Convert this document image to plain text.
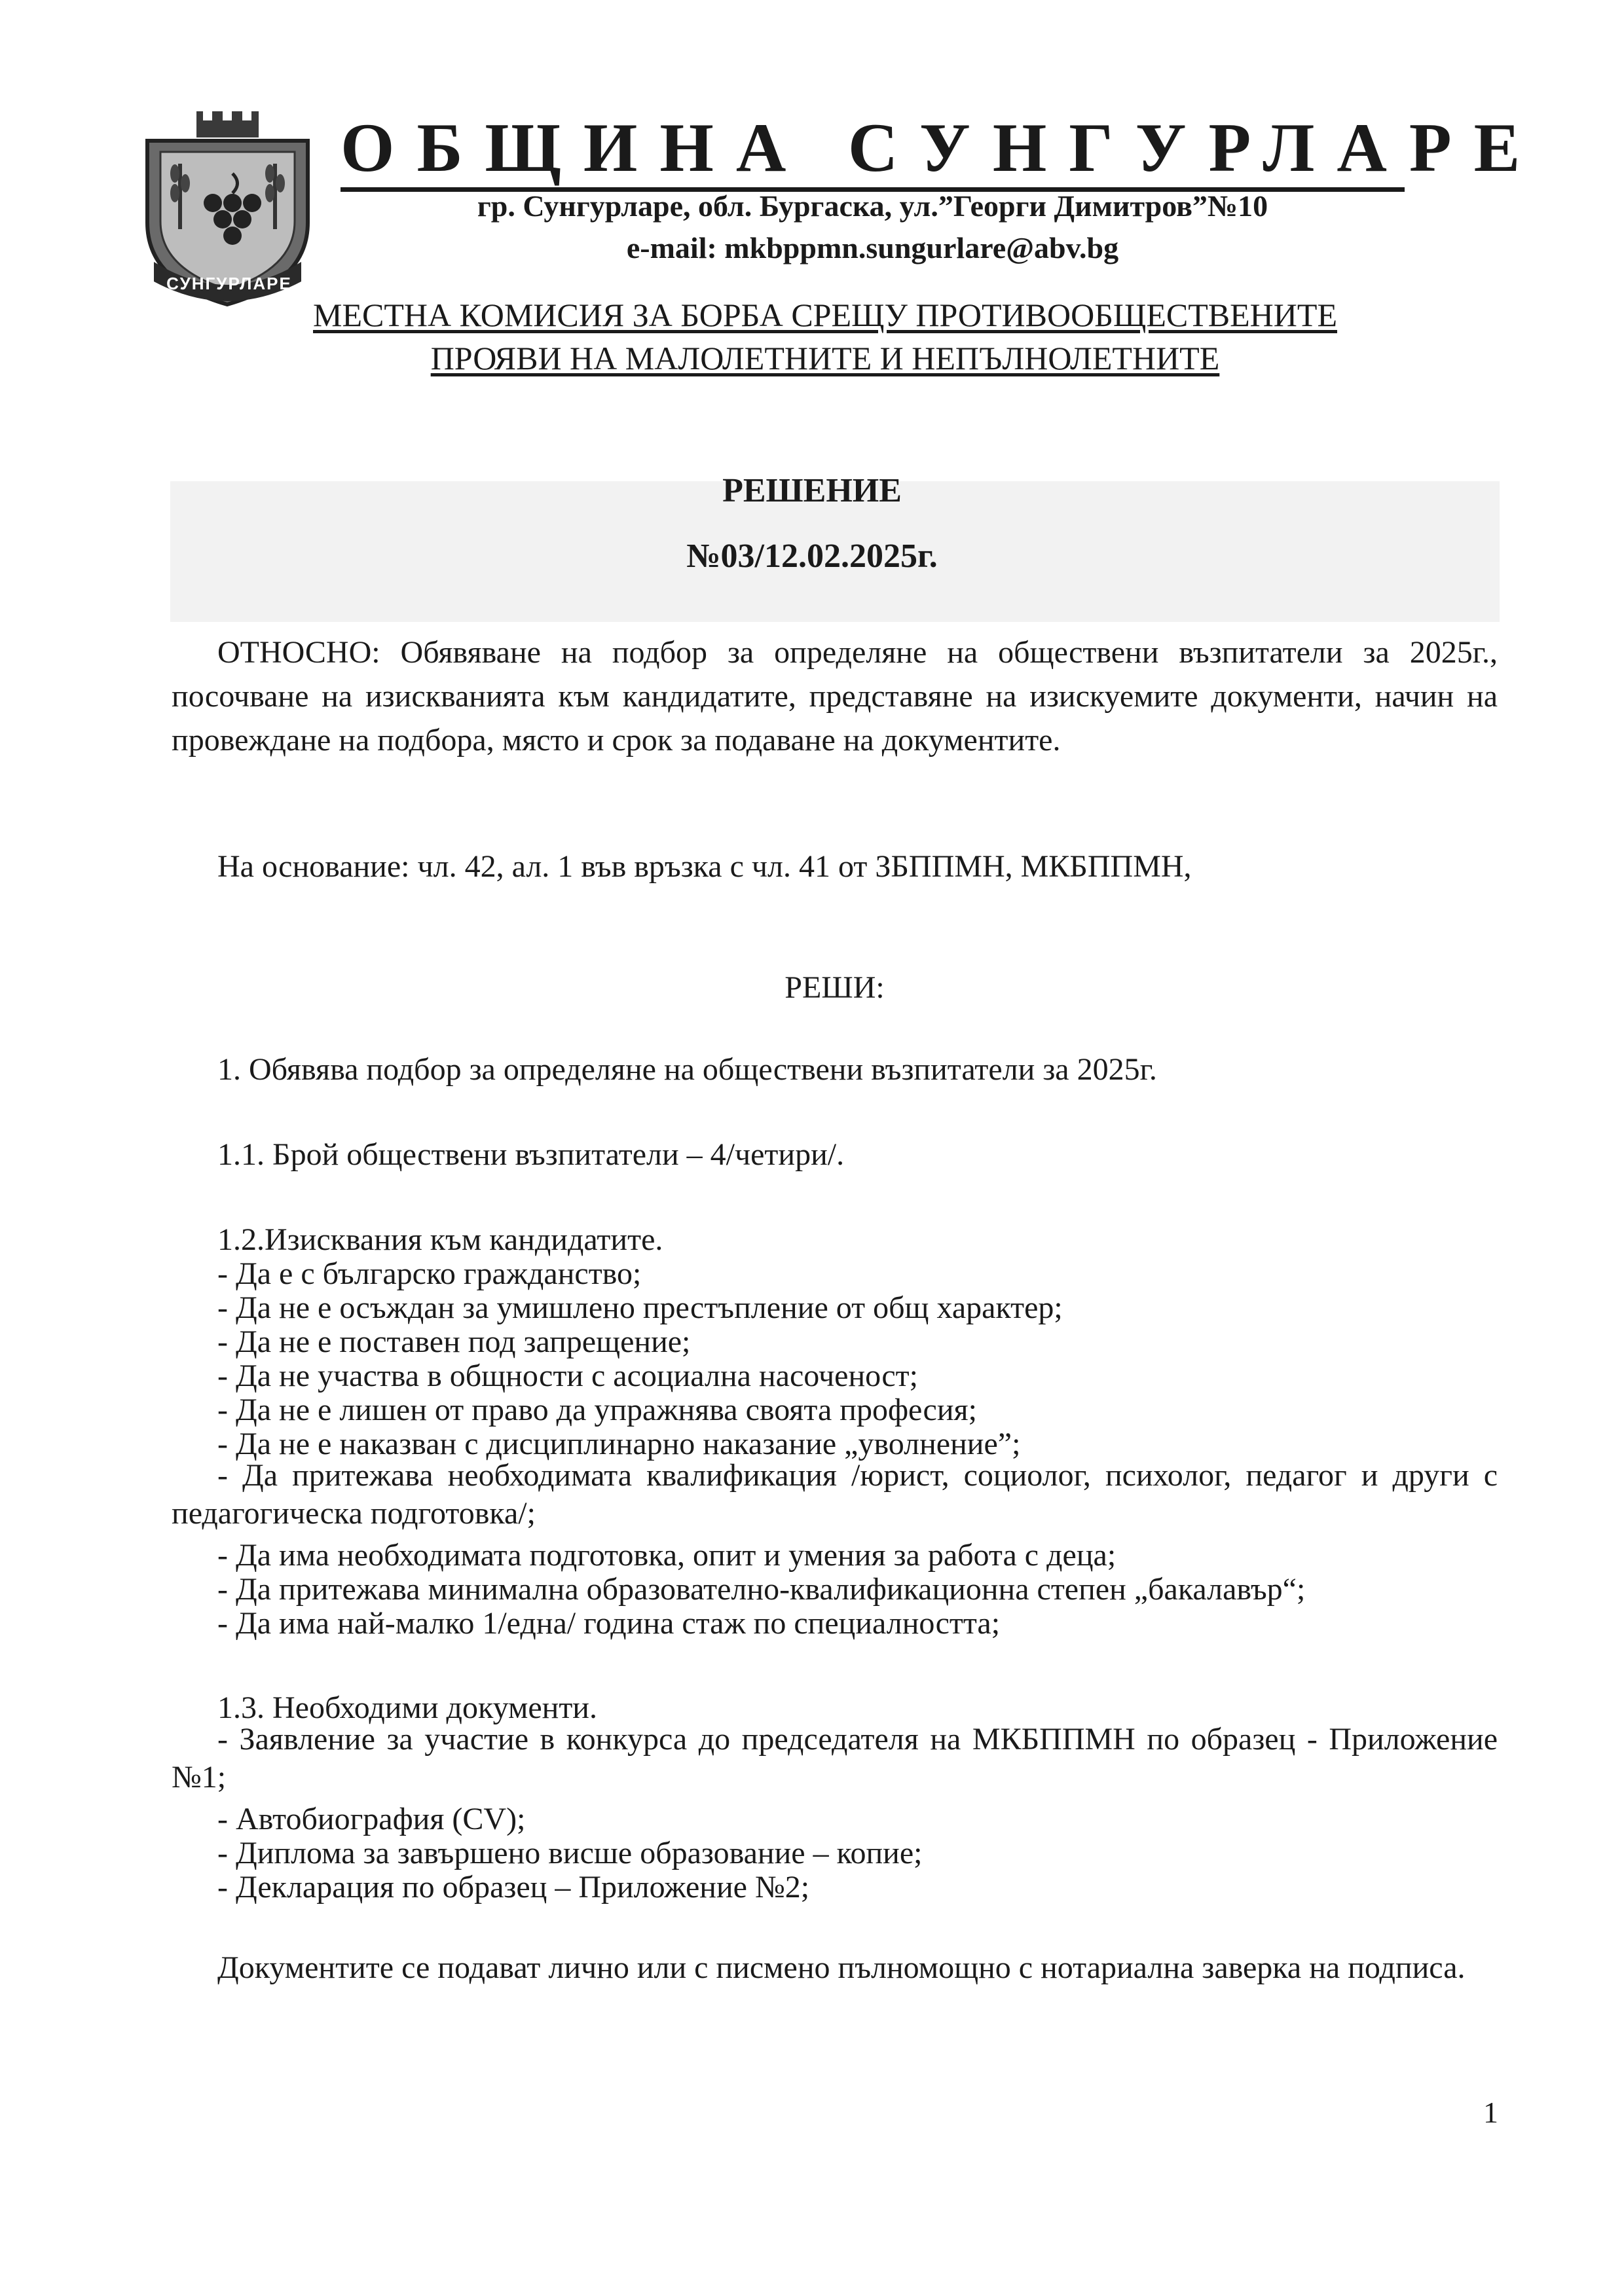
СУНГУРЛАРЕ
ОБЩИНА СУНГУРЛАРЕ
гр. Сунгурларе, обл. Бургаска, ул.”Георги Димитров”№10
e-mail: mkbppmn.sungurlare@abv.bg
МЕСТНА КОМИСИЯ ЗА БОРБА СРЕЩУ ПРОТИВООБЩЕСТВЕНИТЕ
ПРОЯВИ НА МАЛОЛЕТНИТЕ И НЕПЪЛНОЛЕТНИТЕ
РЕШЕНИЕ
№03/12.02.2025г.
ОТНОСНО: Обявяване на подбор за определяне на обществени възпитатели за 2025г., посочване на изискванията към кандидатите, представяне на изискуемите документи, начин на провеждане на подбора, място и срок за подаване на документите.
На основание: чл. 42, ал. 1 във връзка с чл. 41 от ЗБППМН, МКБППМН,
РЕШИ:
1. Обявява подбор за определяне на обществени възпитатели за 2025г.
1.1. Брой обществени възпитатели – 4/четири/.
1.2.Изисквания към кандидатите.
- Да е с българско гражданство;
- Да не е осъждан за умишлено престъпление от общ характер;
- Да не е поставен под запрещение;
- Да не участва в общности с асоциална насоченост;
- Да не е лишен от право да упражнява своята професия;
- Да не е наказван с дисциплинарно наказание „уволнение”;
- Да притежава необходимата квалификация /юрист, социолог, психолог, педагог и други с педагогическа подготовка/;
- Да има необходимата подготовка, опит и умения за работа с деца;
- Да притежава минимална образователно-квалификационна степен „бакалавър“;
- Да има най-малко 1/една/ година стаж по специалността;
1.3. Необходими документи.
- Заявление за участие в конкурса до председателя на МКБППМН по образец - Приложение №1;
- Автобиография (CV);
- Диплома за завършено висше образование – копие;
- Декларация по образец – Приложение №2;
Документите се подават лично или с писмено пълномощно с нотариална заверка на подписа.
1
